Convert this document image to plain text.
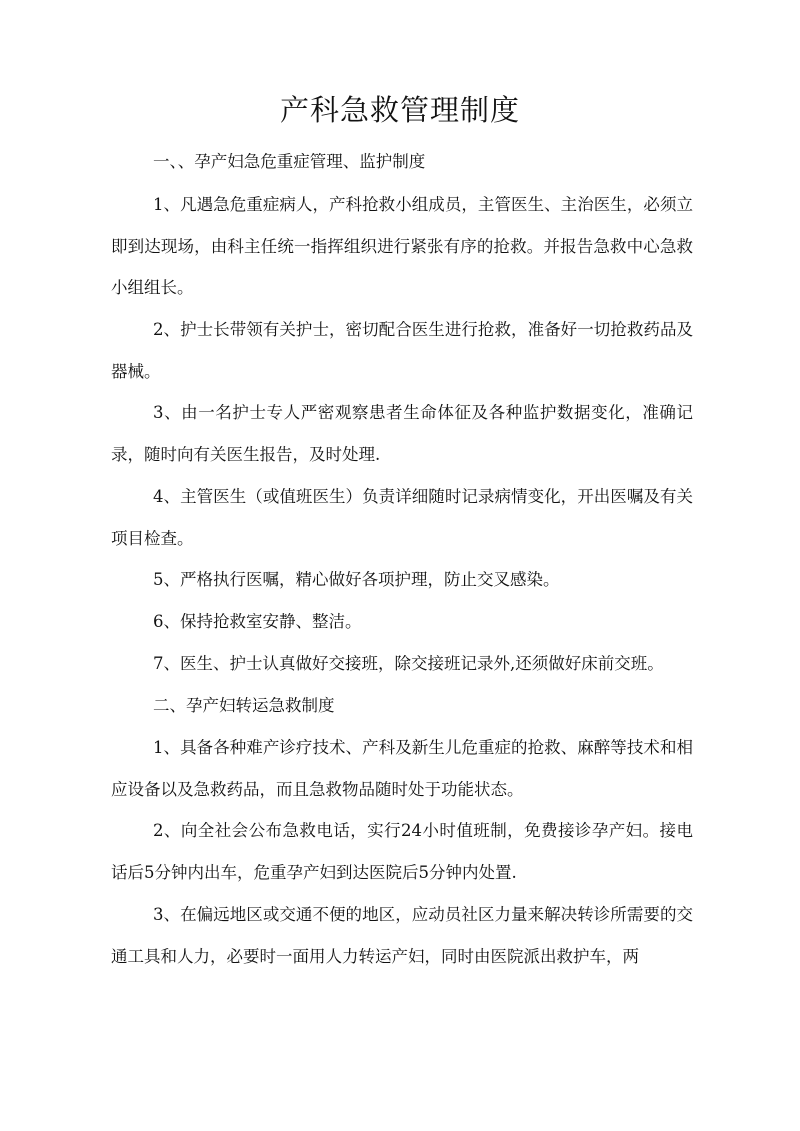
产科急救管理制度

一、、孕产妇急危重症管理、监护制度

1、凡遇急危重症病人，产科抢救小组成员，主管医生、主治医生，必须立即到达现场，由科主任统一指挥组织进行紧张有序的抢救。并报告急救中心急救小组组长。

2、护士长带领有关护士，密切配合医生进行抢救，准备好一切抢救药品及器械。

3、由一名护士专人严密观察患者生命体征及各种监护数据变化，准确记录，随时向有关医生报告，及时处理.

4、主管医生（或值班医生）负责详细随时记录病情变化，开出医嘱及有关项目检查。

5、严格执行医嘱，精心做好各项护理，防止交叉感染。

6、保持抢救室安静、整洁。

7、医生、护士认真做好交接班，除交接班记录外,还须做好床前交班。

二、孕产妇转运急救制度

1、具备各种难产诊疗技术、产科及新生儿危重症的抢救、麻醉等技术和相应设备以及急救药品，而且急救物品随时处于功能状态。

2、向全社会公布急救电话，实行24小时值班制，免费接诊孕产妇。接电话后5分钟内出车，危重孕产妇到达医院后5分钟内处置.

3、在偏远地区或交通不便的地区，应动员社区力量来解决转诊所需要的交通工具和人力，必要时一面用人力转运产妇，同时由医院派出救护车，两
